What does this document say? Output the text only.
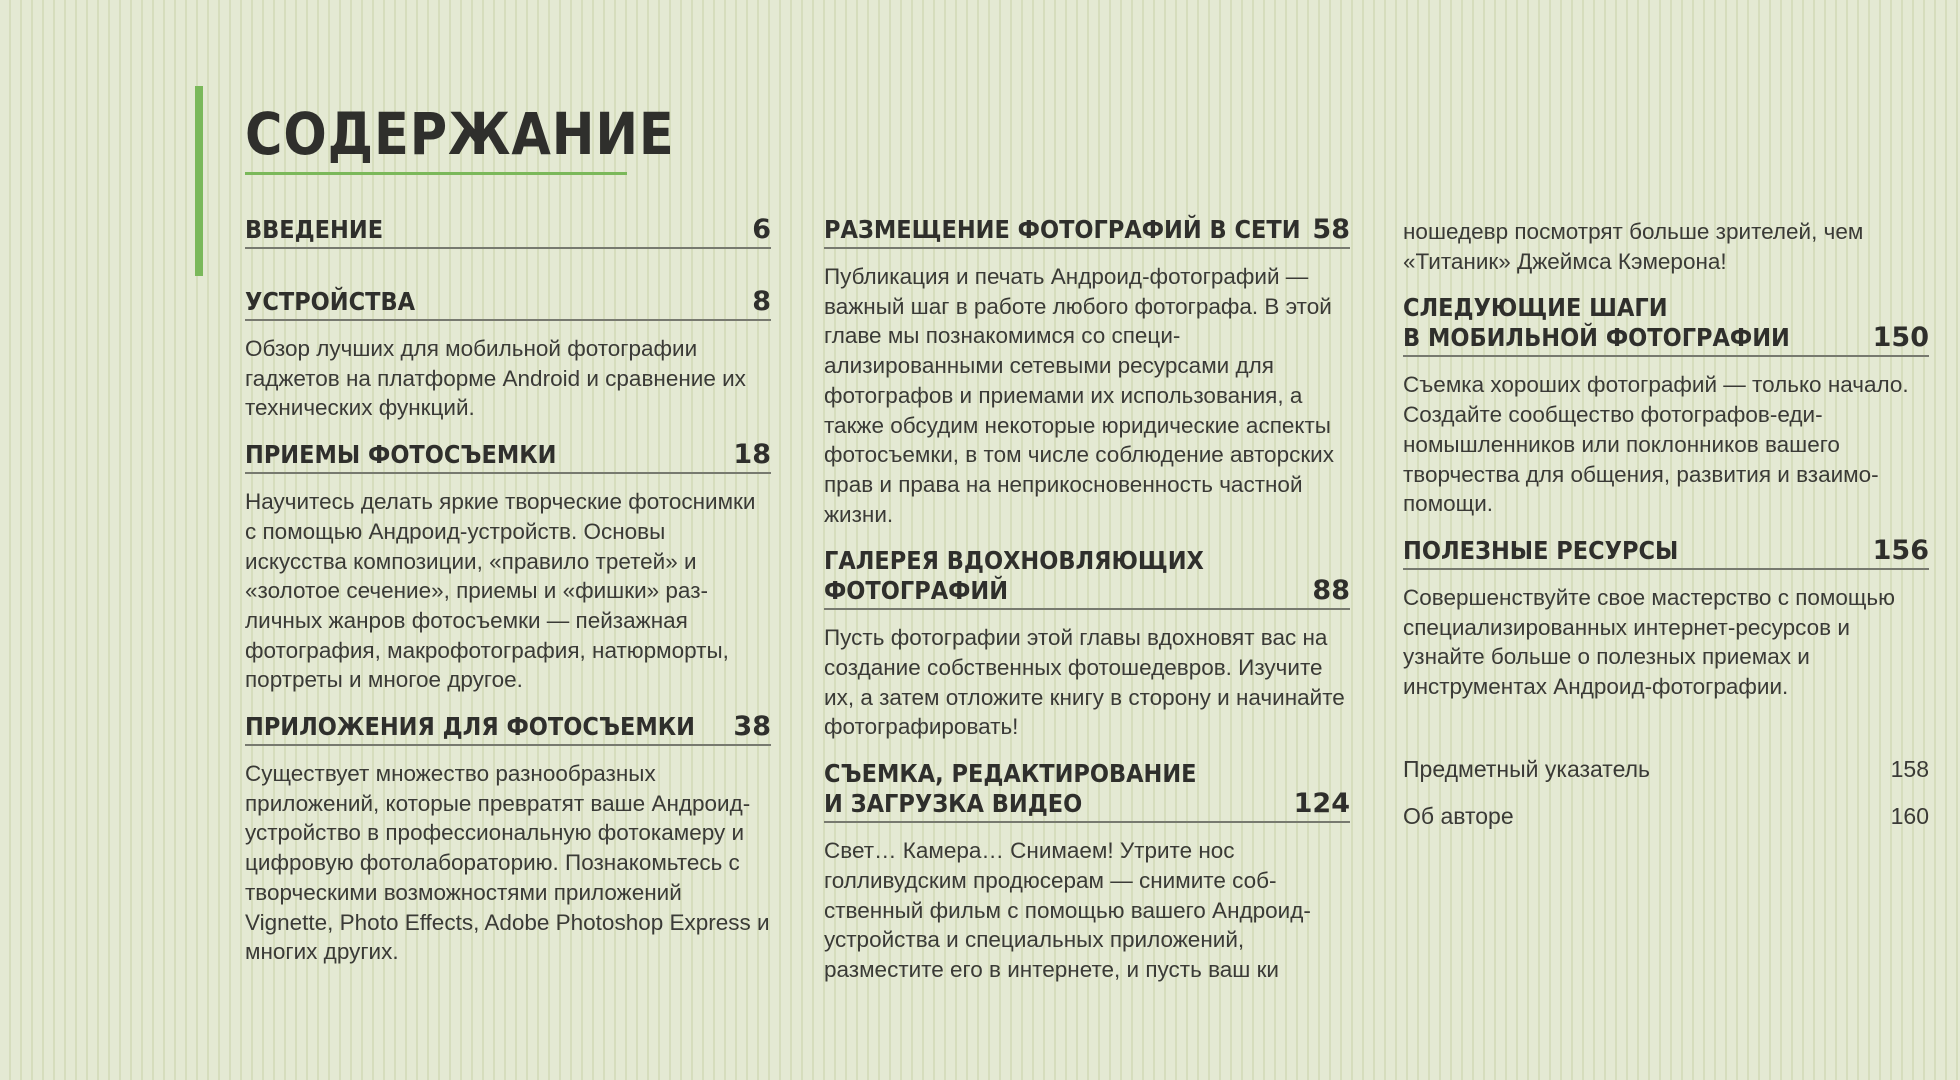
СОДЕРЖАНИЕ
ВВЕДЕНИЕ	6
УСТРОЙСТВА	8

Обзор лучших для мобильной фотографии гаджетов на платформе Android и сравнение их технических функций.

ПРИЕМЫ ФОТОСЪЕМКИ	18

Научитесь делать яркие творческие фотоснимки с помощью Андроид-устройств. Основы искусства композиции, «правило третей» и «золотое сечение», приемы и «фишки» различных жанров фотосъемки — пейзажная фотография, макрофотография, натюрморты, портреты и многое другое.

ПРИЛОЖЕНИЯ ДЛЯ ФОТОСЪЕМКИ 38

Существует множество разнообразных приложений, которые превратят ваше Андроид-устройство в профессиональную фотокамеру и цифровую фотолабораторию. Познакомьтесь с творческими возможностями приложений Vignette, Photo Effects, Adobe Photoshop Express и многих других.

РАЗМЕЩЕНИЕ ФОТОГРАФИЙ В СЕТИ 58

Публикация и печать Андроид-фотографий — важный шаг в работе любого фотографа. В этой главе мы познакомимся со специализированными сетевыми ресурсами для фотографов и приемами их использования, а также обсудим некоторые юридические аспекты фотосъемки, в том числе соблюдение авторских прав и права на неприкосновенность частной жизни.

ГАЛЕРЕЯ ВДОХНОВЛЯЮЩИХ
ФОТОГРАФИЙ	88

Пусть фотографии этой главы вдохновят вас на создание собственных фотошедевров. Изучите их, а затем отложите книгу в сторону и начинайте фотографировать!

СЪЕМКА, РЕДАКТИРОВАНИЕ
И ЗАГРУЗКА ВИДЕО	124

Свет… Камера… Снимаем! Утрите нос голливудским продюсерам — снимите собственный фильм с помощью вашего Андроид-устройства и специальных приложений, разместите его в интернете, и пусть ваш ки

ношедевр посмотрят больше зрителей, чем «Титаник» Джеймса Кэмерона!

СЛЕДУЮЩИЕ ШАГИ
В МОБИЛЬНОЙ ФОТОГРАФИИ	150

Съемка хороших фотографий — только начало. Создайте сообщество фотографов-единомышленников или поклонников вашего творчества для общения, развития и взаимопомощи.

ПОЛЕЗНЫЕ РЕСУРСЫ	156

Совершенствуйте свое мастерство с помощью специализированных интернет-ресурсов и узнайте больше о полезных приемах и инструментах Андроид-фотографии.

Предметный указатель	158
Об авторе	160
